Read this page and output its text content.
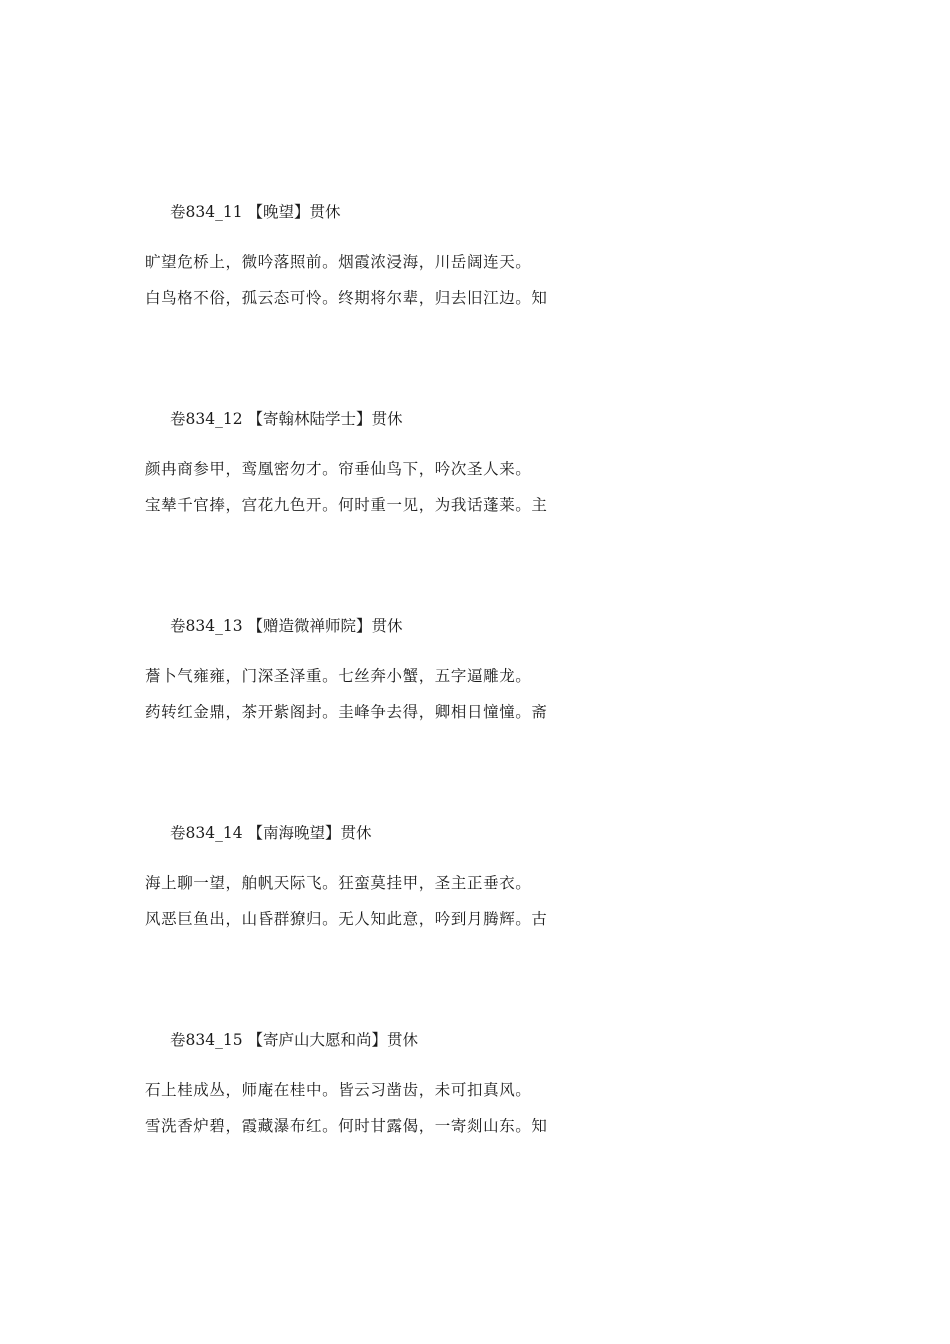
卷834_11 【晚望】贯休
旷望危桥上，微吟落照前。烟霞浓浸海，川岳阔连天。
白鸟格不俗，孤云态可怜。终期将尔辈，归去旧江边。知
卷834_12 【寄翰林陆学士】贯休
颜冉商参甲，鸾凰密勿才。帘垂仙鸟下，吟次圣人来。
宝辇千官捧，宫花九色开。何时重一见，为我话蓬莱。主
卷834_13 【赠造微禅师院】贯休
薝卜气雍雍，门深圣泽重。七丝奔小蟹，五字逼雕龙。
药转红金鼎，茶开紫阁封。圭峰争去得，卿相日憧憧。斋
卷834_14 【南海晚望】贯休
海上聊一望，舶帆天际飞。狂蛮莫挂甲，圣主正垂衣。
风恶巨鱼出，山昏群獠归。无人知此意，吟到月腾辉。古
卷834_15 【寄庐山大愿和尚】贯休
石上桂成丛，师庵在桂中。皆云习凿齿，未可扣真风。
雪洗香炉碧，霞藏瀑布红。何时甘露偈，一寄剡山东。知
